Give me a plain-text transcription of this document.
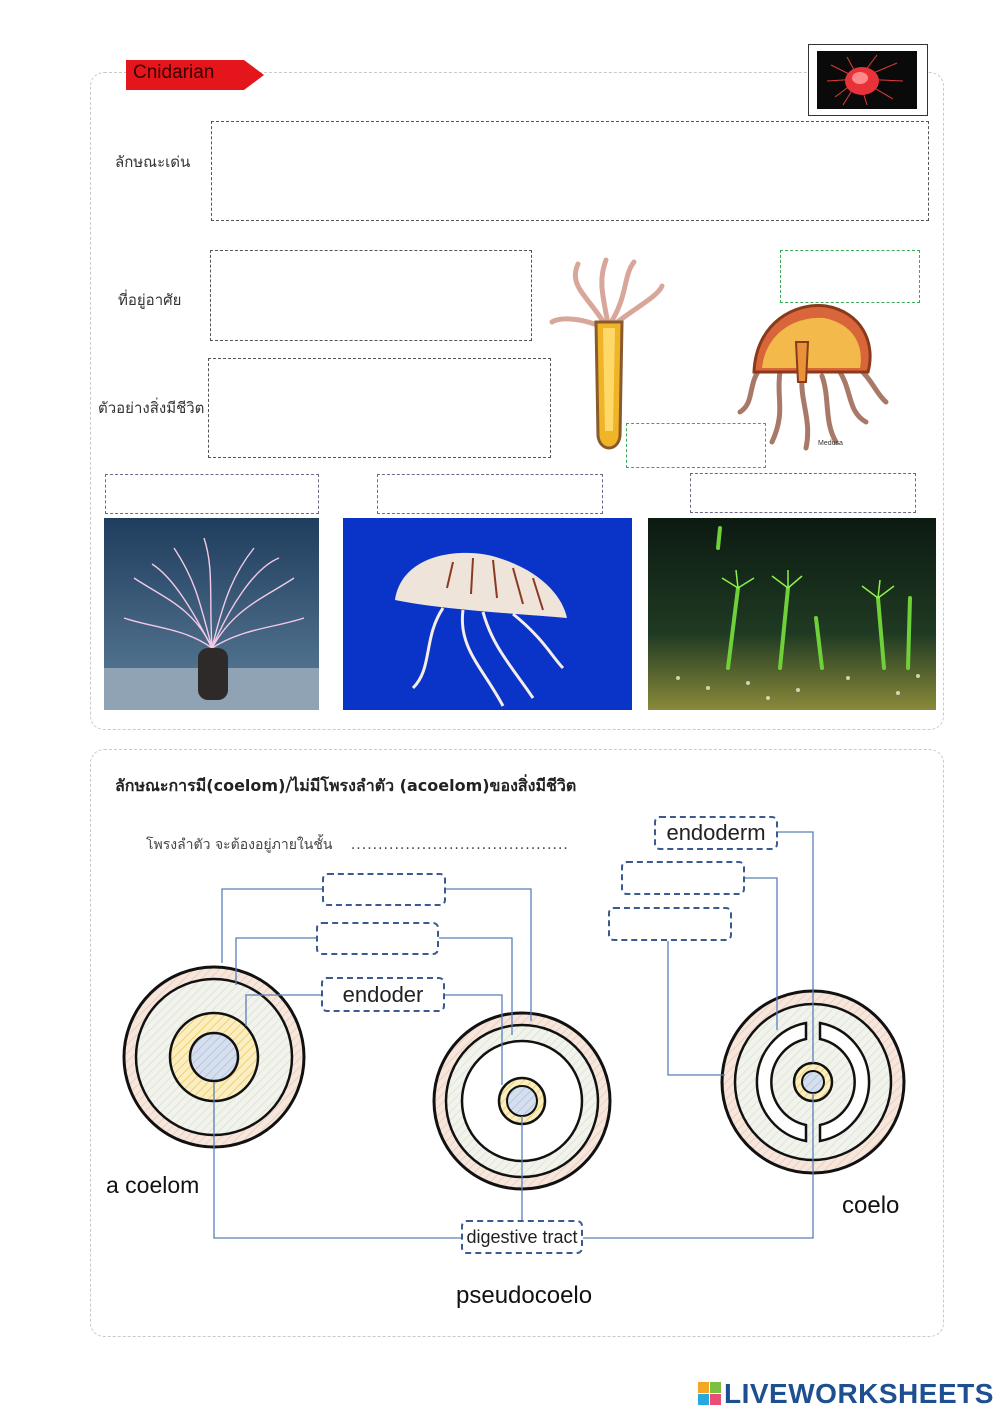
Cnidarian
ลักษณะเด่น
ที่อยู่อาศัย
ตัวอย่างสิ่งมีชีวิต
Medusa
ลักษณะการมี(coelom)/ไม่มีโพรงลำตัว (acoelom)ของสิ่งมีชีวิต
โพรงลำตัว จะต้องอยู่ภายในชั้น ........................................
endoder
endoderm
digestive tract
a coelom
pseudocoelo
coelo
LIVEWORKSHEETS
